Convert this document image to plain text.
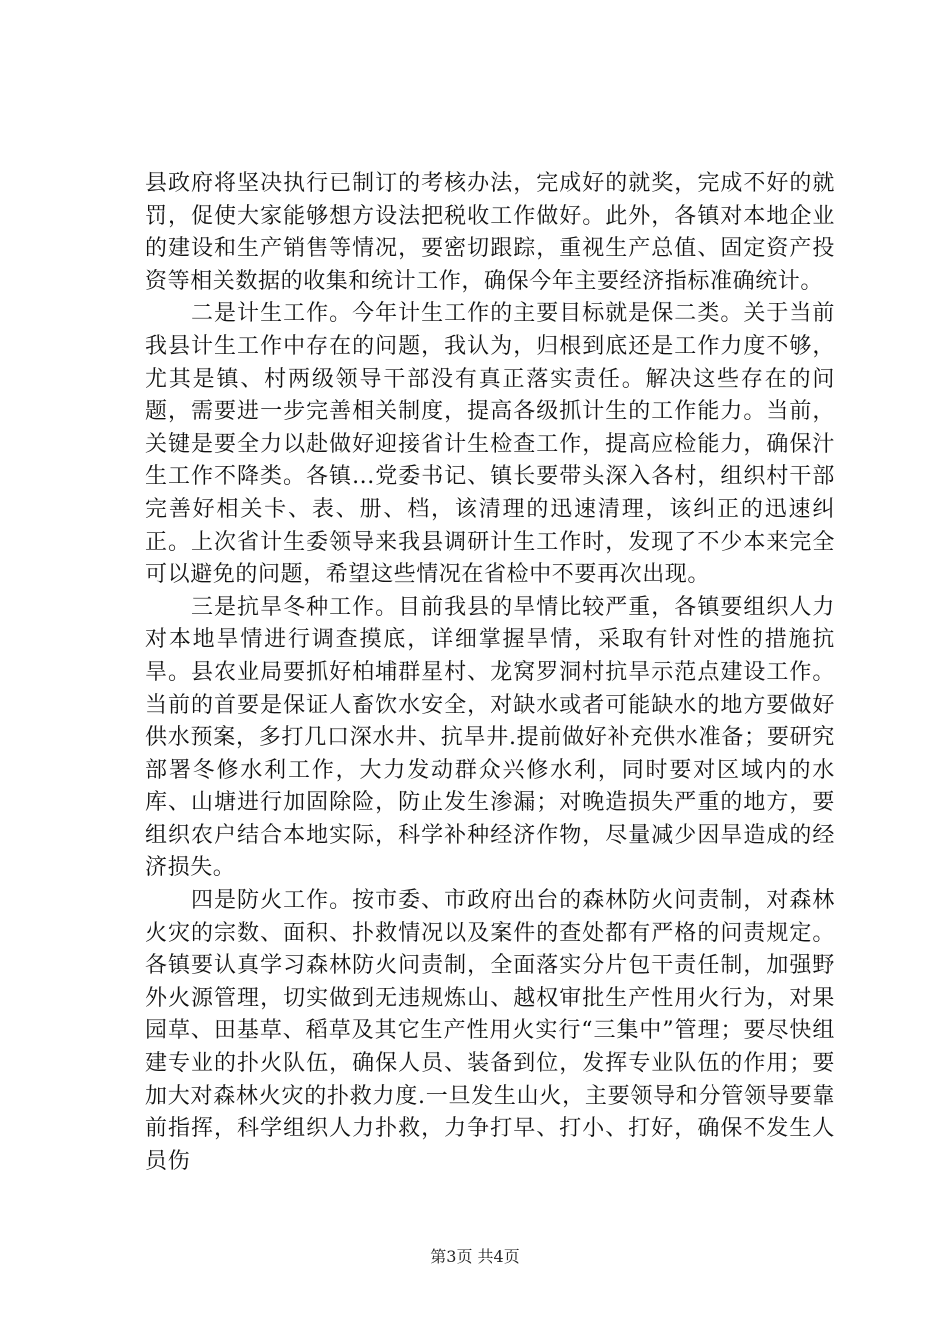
县政府将坚决执行已制订的考核办法，完成好的就奖，完成不好的就罚，促使大家能够想方设法把税收工作做好。此外，各镇对本地企业的建设和生产销售等情况，要密切跟踪，重视生产总值、固定资产投资等相关数据的收集和统计工作，确保今年主要经济指标准确统计。

　　二是计生工作。今年计生工作的主要目标就是保二类。关于当前我县计生工作中存在的问题，我认为，归根到底还是工作力度不够，尤其是镇、村两级领导干部没有真正落实责任。解决这些存在的问题，需要进一步完善相关制度，提高各级抓计生的工作能力。当前，关键是要全力以赴做好迎接省计生检查工作，提高应检能力，确保汁生工作不降类。各镇...党委书记、镇长要带头深入各村，组织村干部完善好相关卡、表、册、档，该清理的迅速清理，该纠正的迅速纠正。上次省计生委领导来我县调研计生工作时，发现了不少本来完全可以避免的问题，希望这些情况在省检中不要再次出现。

　　三是抗旱冬种工作。目前我县的旱情比较严重，各镇要组织人力对本地旱情进行调查摸底，详细掌握旱情，采取有针对性的措施抗旱。县农业局要抓好柏埔群星村、龙窝罗洞村抗旱示范点建设工作。当前的首要是保证人畜饮水安全，对缺水或者可能缺水的地方要做好供水预案，多打几口深水井、抗旱井.提前做好补充供水准备；要研究部署冬修水利工作，大力发动群众兴修水利，同时要对区域内的水库、山塘进行加固除险，防止发生渗漏；对晚造损失严重的地方，要组织农户结合本地实际，科学补种经济作物，尽量减少因旱造成的经济损失。

　　四是防火工作。按市委、市政府出台的森林防火问责制，对森林火灾的宗数、面积、扑救情况以及案件的查处都有严格的问责规定。各镇要认真学习森林防火问责制，全面落实分片包干责任制，加强野外火源管理，切实做到无违规炼山、越权审批生产性用火行为，对果园草、田基草、稻草及其它生产性用火实行“三集中”管理；要尽快组建专业的扑火队伍，确保人员、装备到位，发挥专业队伍的作用；要加大对森林火灾的扑救力度.一旦发生山火，主要领导和分管领导要靠前指挥，科学组织人力扑救，力争打早、打小、打好，确保不发生人员伤

第3页 共4页
